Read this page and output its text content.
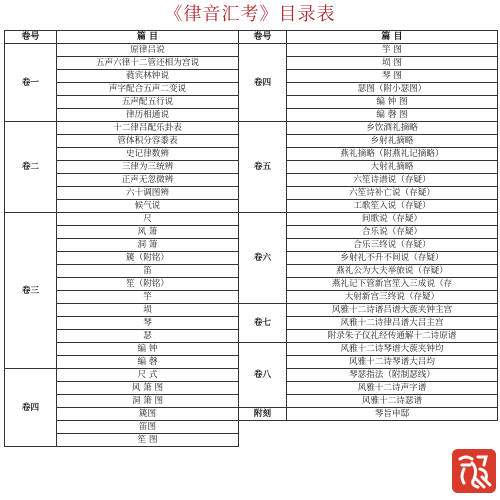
《律音汇考》目录表
卷号	篇 目	卷号	篇 目
卷一	原律吕说	卷四	竽 图
	五声六律十二管还相为宫说		埙 图
	蕤宾林钟说		琴 图
	声字配合五声二变说		瑟图（附小瑟图）
	五声配五行说		编 钟 图
	律历相通说		编 磬 图
卷二	十二律吕配乐卦表	卷五	乡饮酒礼摘略
	管体积分容黍表		乡射礼摘略
	史记律数辨		燕礼摘略（附燕礼记摘略）
	三律为三统辨		大射礼摘略
	正声无忽微辨		六笙诗谱说（存疑）
	六十调图辨		六笙诗补亡说（存疑）
	候气说		工歌笙入说（存疑）
卷三	尺	卷六	间歌说（存疑）
	风 箫		合乐说（存疑）
	洞 箫		合乐三终说（存疑）
	篪（附铭）		乡射礼不升不间说（存疑）
	笛		燕礼公为大夫举旅说（存疑）
	笙（附铭）		燕礼记下管新宫笙入三成说（存
	竽		大射新宫三终说（存疑）
	埙	卷七	风雅十二诗谱吕谱大蔟夹钟主宫
	琴		风雅十二诗律吕谱大吕主宫
	瑟		附录朱子仪礼经传通解十二诗原谱
	编 钟	卷八	风雅十二诗琴谱大蔟夹钟均
	编 磬		风雅十二诗琴谱大吕均
卷四	尺 式		琴瑟指法（附制瑟线）
	风 箫 图		风雅十二诗声字谱
	洞 箫 图		风雅十二诗瑟谱
	篪图	附刻	琴旨申邸
	笛图		
	笙 图		
